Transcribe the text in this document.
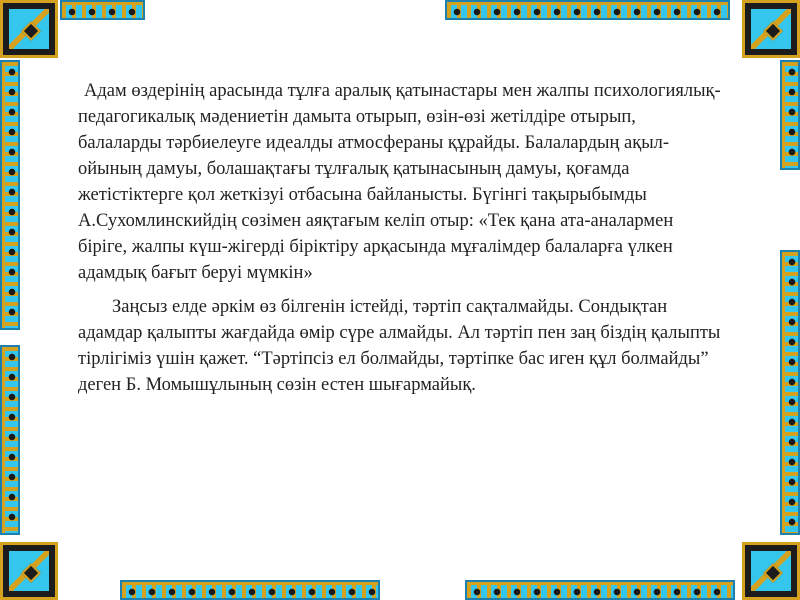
Адам өздерінің арасында тұлға аралық қатынастары мен жалпы психологиялық-педагогикалық мәдениетін дамыта отырып, өзін-өзі жетілдіре отырып, балаларды тәрбиелеуге идеалды атмосфераны құрайды. Балалардың ақыл-ойының дамуы, болашақтағы тұлғалық қатынасының дамуы, қоғамда жетістіктерге қол жеткізуі отбасына байланысты. Бүгінгі тақырыбымды А.Сухомлинскийдің сөзімен аяқтағым келіп отыр: «Тек қана ата-аналармен біріге, жалпы күш-жігерді біріктіру арқасында мұғалімдер балаларға үлкен адамдық бағыт беруі мүмкін»

Заңсыз елде әркім өз білгенін істейді, тәртіп сақталмайды. Сондықтан адамдар қалыпты жағдайда өмір сүре алмайды. Ал тәртіп пен заң біздің қалыпты тірлігіміз үшін қажет. “Тәртіпсіз ел болмайды, тәртіпке бас иген құл болмайды” деген Б. Момышұлының сөзін естен шығармайық.
